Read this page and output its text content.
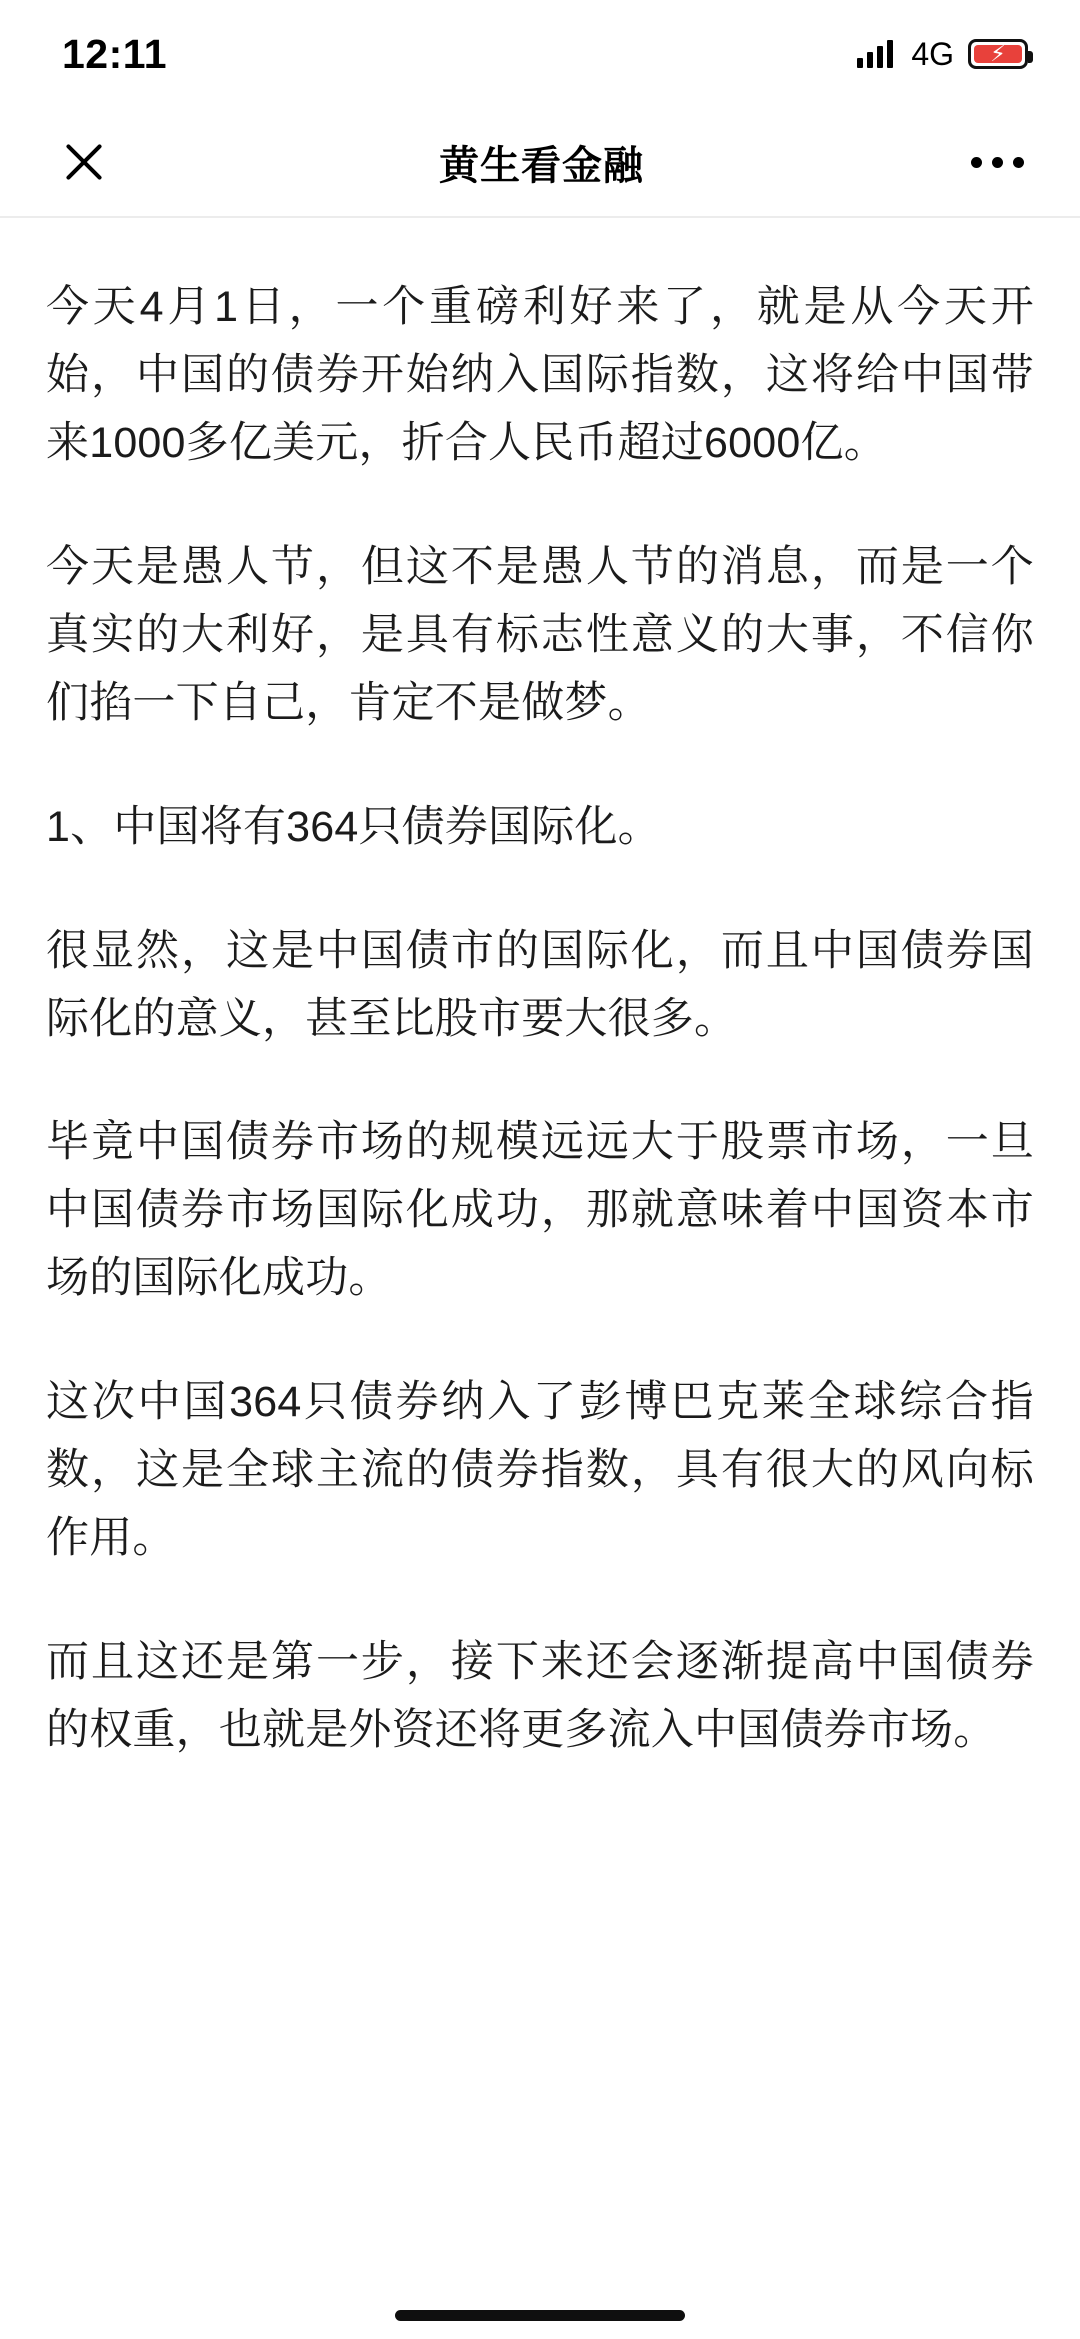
12:11	4G ⚡
黄生看金融

今天4月1日，一个重磅利好来了，就是从今天开始，中国的债券开始纳入国际指数，这将给中国带来1000多亿美元，折合人民币超过6000亿。

今天是愚人节，但这不是愚人节的消息，而是一个真实的大利好，是具有标志性意义的大事，不信你们掐一下自己，肯定不是做梦。

1、中国将有364只债券国际化。

很显然，这是中国债市的国际化，而且中国债券国际化的意义，甚至比股市要大很多。

毕竟中国债券市场的规模远远大于股票市场，一旦中国债券市场国际化成功，那就意味着中国资本市场的国际化成功。

这次中国364只债券纳入了彭博巴克莱全球综合指数，这是全球主流的债券指数，具有很大的风向标作用。

而且这还是第一步，接下来还会逐渐提高中国债券的权重，也就是外资还将更多流入中国债券市场。
